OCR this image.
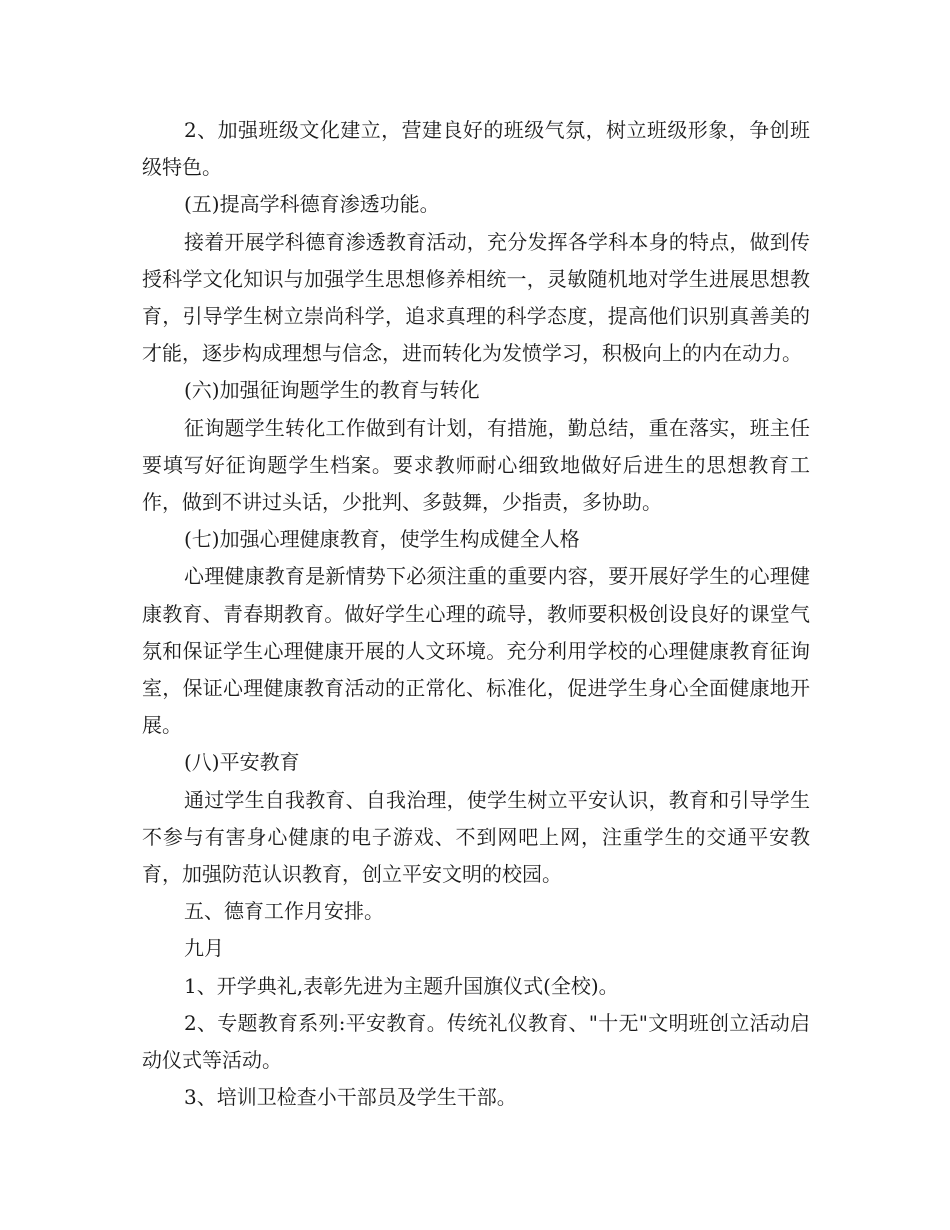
2、加强班级文化建立，营建良好的班级气氛，树立班级形象，争创班级特色。

(五)提高学科德育渗透功能。

接着开展学科德育渗透教育活动，充分发挥各学科本身的特点，做到传授科学文化知识与加强学生思想修养相统一，灵敏随机地对学生进展思想教育，引导学生树立崇尚科学，追求真理的科学态度，提高他们识别真善美的才能，逐步构成理想与信念，进而转化为发愤学习，积极向上的内在动力。

(六)加强征询题学生的教育与转化

征询题学生转化工作做到有计划，有措施，勤总结，重在落实，班主任要填写好征询题学生档案。要求教师耐心细致地做好后进生的思想教育工作，做到不讲过头话，少批判、多鼓舞，少指责，多协助。

(七)加强心理健康教育，使学生构成健全人格

心理健康教育是新情势下必须注重的重要内容，要开展好学生的心理健康教育、青春期教育。做好学生心理的疏导，教师要积极创设良好的课堂气氛和保证学生心理健康开展的人文环境。充分利用学校的心理健康教育征询室，保证心理健康教育活动的正常化、标准化，促进学生身心全面健康地开展。

(八)平安教育

通过学生自我教育、自我治理，使学生树立平安认识，教育和引导学生不参与有害身心健康的电子游戏、不到网吧上网，注重学生的交通平安教育，加强防范认识教育，创立平安文明的校园。

五、德育工作月安排。

九月

1、开学典礼,表彰先进为主题升国旗仪式(全校)。

2、专题教育系列:平安教育。传统礼仪教育、"十无"文明班创立活动启动仪式等活动。

3、培训卫检查小干部员及学生干部。
